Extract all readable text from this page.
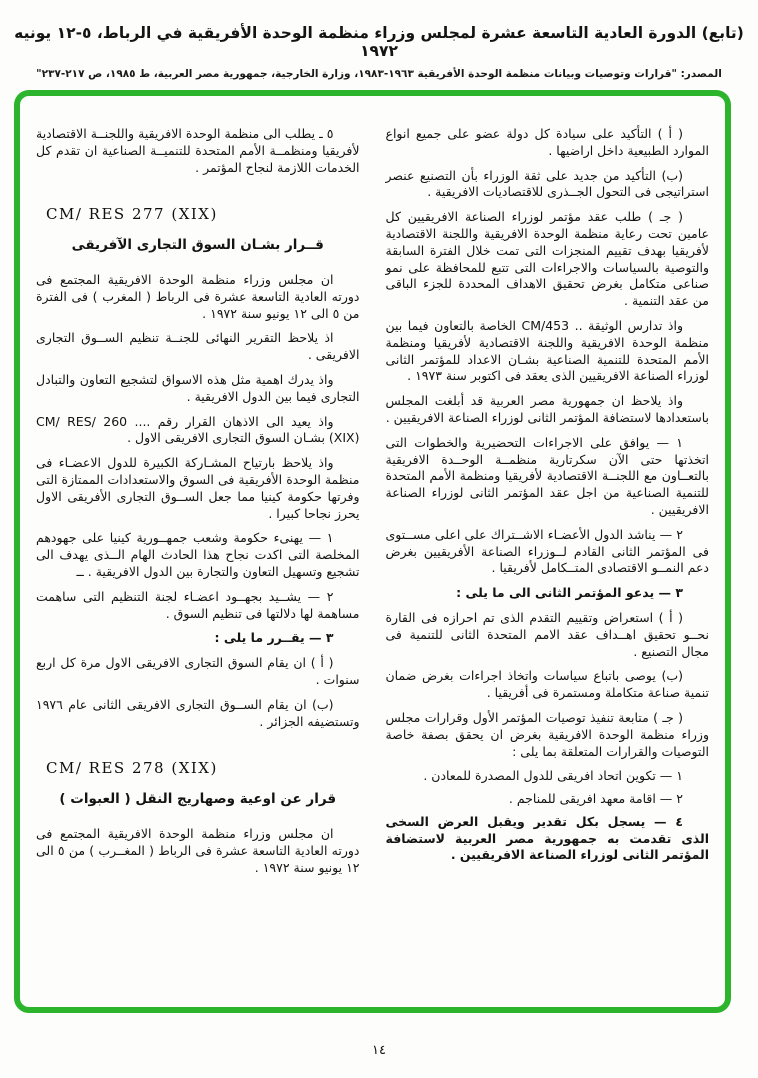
(تابع) الدورة العادية التاسعة عشرة لمجلس وزراء منظمة الوحدة الأفريقية في الرباط، ٥-١٢ يونيه ١٩٧٢
المصدر: "قرارات وتوصيات وبيانات منظمة الوحدة الأفريقية ١٩٦٣-١٩٨٣، وزارة الخارجية، جمهورية مصر العربية، ط ١٩٨٥، ص ٢١٧-٢٣٧"

( أ ) التأكيد على سيادة كل دولة عضو على جميع انواع الموارد الطبيعية داخل اراضيها .

(ب) التأكيد من جديد على ثقة الوزراء بأن التصنيع عنصر استراتيجى فى التحول الجــذرى للاقتصاديات الافريقية .

( جـ ) طلب عقد مؤتمر لوزراء الصناعة الافريقيين كل عامين تحت رعاية منظمة الوحدة الافريقية واللجنة الاقتصادية لأفريقيا بهدف تقييم المنجزات التى تمت خلال الفترة السابقة والتوصية بالسياسات والاجراءات التى تتبع للمحافظة على نمو صناعى متكامل بغرض تحقيق الاهداف المحددة للجزء الباقى من عقد التنمية .

واذ تدارس الوثيقة .. CM/453 الخاصة بالتعاون فيما بين منظمة الوحدة الافريقية واللجنة الاقتصادية لأفريقيا ومنظمة الأمم المتحدة للتنمية الصناعية بشـان الاعداد للمؤتمر الثانى لوزراء الصناعة الافريقيين الذى يعقد فى اكتوبر سنة ١٩٧٣ .

واذ يلاحظ ان جمهورية مصر العربية قد أبلغت المجلس باستعدادها لاستضافة المؤتمر الثانى لوزراء الصناعة الافريقيين .

١ — يوافق على الاجراءات التحضيرية والخطوات التى اتخذتها حتى الآن سكرتارية منظمــة الوحــدة الافريقية بالتعــاون مع اللجنــة الاقتصادية لأفريقيا ومنظمة الأمم المتحدة للتنمية الصناعية من اجل عقد المؤتمر الثانى لوزراء الصناعة الافريقيين .

٢ — يناشد الدول الأعضـاء الاشــتراك على اعلى مســتوى فى المؤتمر الثانى القادم لــوزراء الصناعة الأفريقيين بغرض دعم النمــو الاقتصادى المتــكامل لأفريقيا .

٣ — يدعو المؤتمر الثانى الى ما يلى :

( أ ) استعراض وتقييم التقدم الذى تم احرازه فى القارة نحــو تحقيق اهــداف عقد الامم المتحدة الثانى للتنمية فى مجال التصنيع .

(ب) يوصى باتباع سياسات واتخاذ اجراءات بغرض ضمان تنمية صناعة متكاملة ومستمرة فى أفريقيا .

( جـ ) متابعة تنفيذ توصيات المؤتمر الأول وقرارات مجلس وزراء منظمة الوحدة الافريقية بغرض ان يحقق بصفة خاصة التوصيات والقرارات المتعلقة بما يلى :

١ — تكوين اتحاد افريقى للدول المصدرة للمعادن .

٢ — اقامة معهد افريقى للمناجم .

٤ — يسجل بكل تقدير ويقبل العرض السخى الذى تقدمت به جمهورية مصر العربية لاستضافة المؤتمر الثانى لوزراء الصناعة الافريقيين .

٥ ـ يطلب الى منظمة الوحدة الافريقية واللجنــة الاقتصادية لأفريقيا ومنظمــة الأمم المتحدة للتنميــة الصناعية ان تقدم كل الخدمات اللازمة لنجاح المؤتمر .

CM/ RES 277 (XIX)
قــرار بشـان السوق التجارى الآفريقى

ان مجلس وزراء منظمة الوحدة الافريقية المجتمع فى دورته العادية التاسعة عشرة فى الرباط ( المغرب ) فى الفترة من ٥ الى ١٢ يونيو سنة ١٩٧٢ .

اذ يلاحظ التقرير النهائى للجنــة تنظيم الســوق التجارى الافريقى .

واذ يدرك اهمية مثل هذه الاسواق لتشجيع التعاون والتبادل التجارى فيما بين الدول الافريقية .

واذ يعيد الى الاذهان القرار رقم CM/ RES/ 260 .... (XIX) بشـان السوق التجارى الافريقى الاول .

واذ يلاحظ بارتياح المشـاركة الكبيرة للدول الاعضـاء فى منظمة الوحدة الأفريقية فى السوق والاستعدادات الممتازة التى وفرتها حكومة كينيا مما جعل الســوق التجارى الأفريقى الاول يحرز نجاحا كبيرا .

١ — يهنىء حكومة وشعب جمهــورية كينيا على جهودهم المخلصة التى اكدت نجاح هذا الحادث الهام الــذى يهدف الى تشجيع وتسهيل التعاون والتجارة بين الدول الافريقية . ــ

٢ — يشــيد بجهــود اعضـاء لجنة التنظيم التى ساهمت مساهمة لها دلالتها فى تنظيم السوق .

٣ — يقــرر ما يلى :

( أ ) ان يقام السوق التجارى الافريقى الاول مرة كل اربع سنوات .

(ب) ان يقام الســوق التجارى الافريقى الثانى عام ١٩٧٦ وتستضيفه الجزائر .

CM/ RES 278 (XIX)
قرار عن اوعية وصهاريج النقل ( العبوات )

ان مجلس وزراء منظمة الوحدة الافريقية المجتمع فى دورته العادية التاسعة عشرة فى الرباط ( المغــرب ) من ٥ الى ١٢ يونيو سنة ١٩٧٢ .

١٤
